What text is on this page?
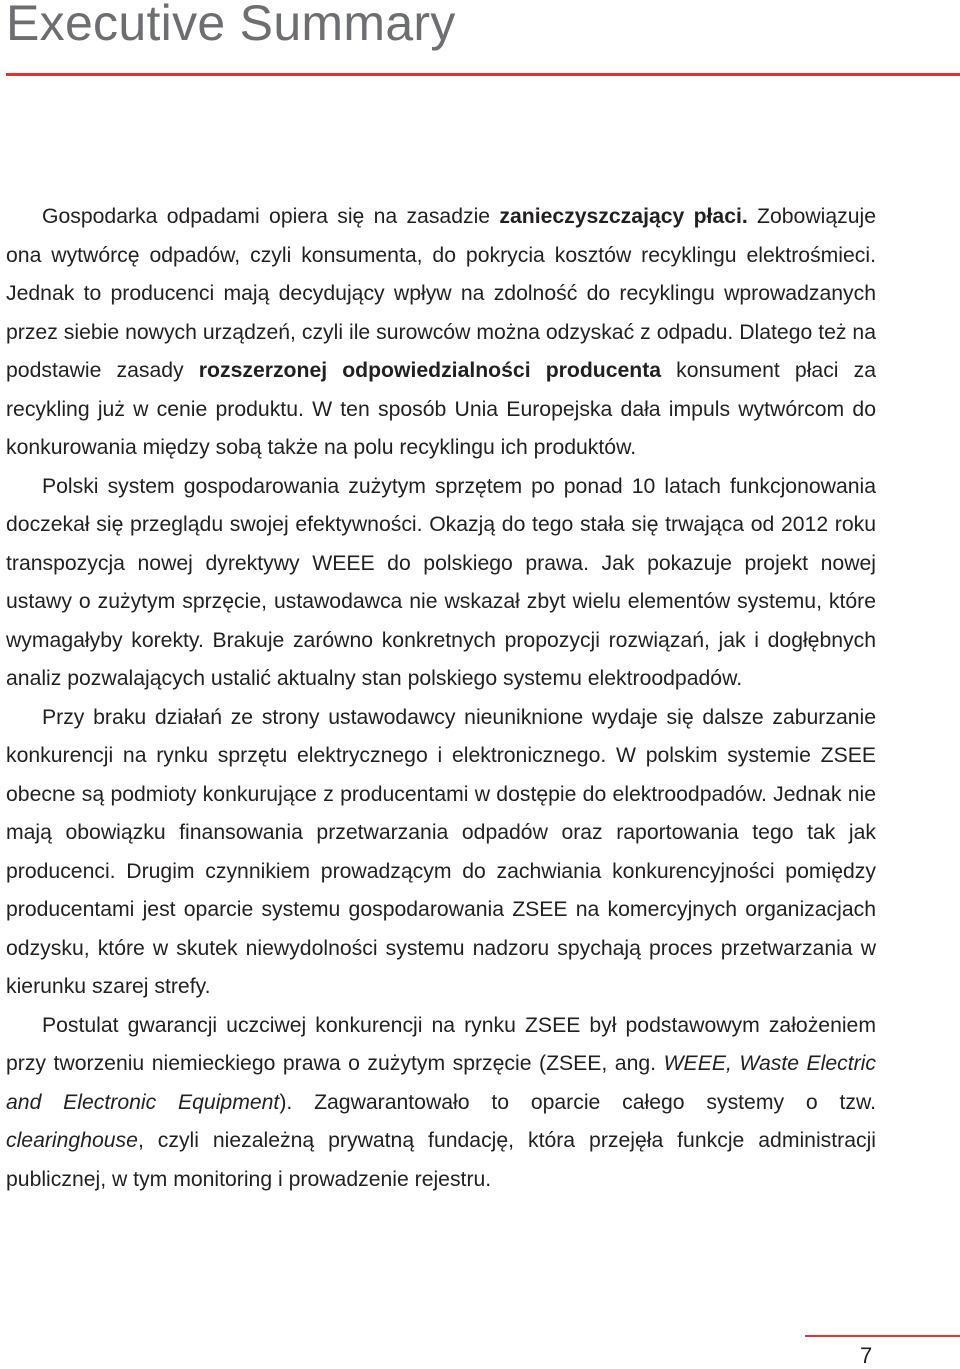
Executive Summary

Gospodarka odpadami opiera się na zasadzie zanieczyszczający płaci. Zobowiązuje ona wytwórcę odpadów, czyli konsumenta, do pokrycia kosztów recyklingu elektrośmieci. Jednak to producenci mają decydujący wpływ na zdolność do recyklingu wprowadzanych przez siebie nowych urządzeń, czyli ile surowców można odzyskać z odpadu. Dlatego też na podstawie zasady rozszerzonej odpowiedzialności producenta konsument płaci za recykling już w cenie produktu. W ten sposób Unia Europejska dała impuls wytwórcom do konkurowania między sobą także na polu recyklingu ich produktów.

Polski system gospodarowania zużytym sprzętem po ponad 10 latach funkcjonowania doczekał się przeglądu swojej efektywności. Okazją do tego stała się trwająca od 2012 roku transpozycja nowej dyrektywy WEEE do polskiego prawa. Jak pokazuje projekt nowej ustawy o zużytym sprzęcie, ustawodawca nie wskazał zbyt wielu elementów systemu, które wymagałyby korekty. Brakuje zarówno konkretnych propozycji rozwiązań, jak i dogłębnych analiz pozwalających ustalić aktualny stan polskiego systemu elektroodpadów.

Przy braku działań ze strony ustawodawcy nieuniknione wydaje się dalsze zaburzanie konkurencji na rynku sprzętu elektrycznego i elektronicznego. W polskim systemie ZSEE obecne są podmioty konkurujące z producentami w dostępie do elektroodpadów. Jednak nie mają obowiązku finansowania przetwarzania odpadów oraz raportowania tego tak jak producenci. Drugim czynnikiem prowadzącym do zachwiania konkurencyjności pomiędzy producentami jest oparcie systemu gospodarowania ZSEE na komercyjnych organizacjach odzysku, które w skutek niewydolności systemu nadzoru spychają proces przetwarzania w kierunku szarej strefy.

Postulat gwarancji uczciwej konkurencji na rynku ZSEE był podstawowym założeniem przy tworzeniu niemieckiego prawa o zużytym sprzęcie (ZSEE, ang. WEEE, Waste Electric and Electronic Equipment). Zagwarantowało to oparcie całego systemy o tzw. clearinghouse, czyli niezależną prywatną fundację, która przejęła funkcje administracji publicznej, w tym monitoring i prowadzenie rejestru.

7
